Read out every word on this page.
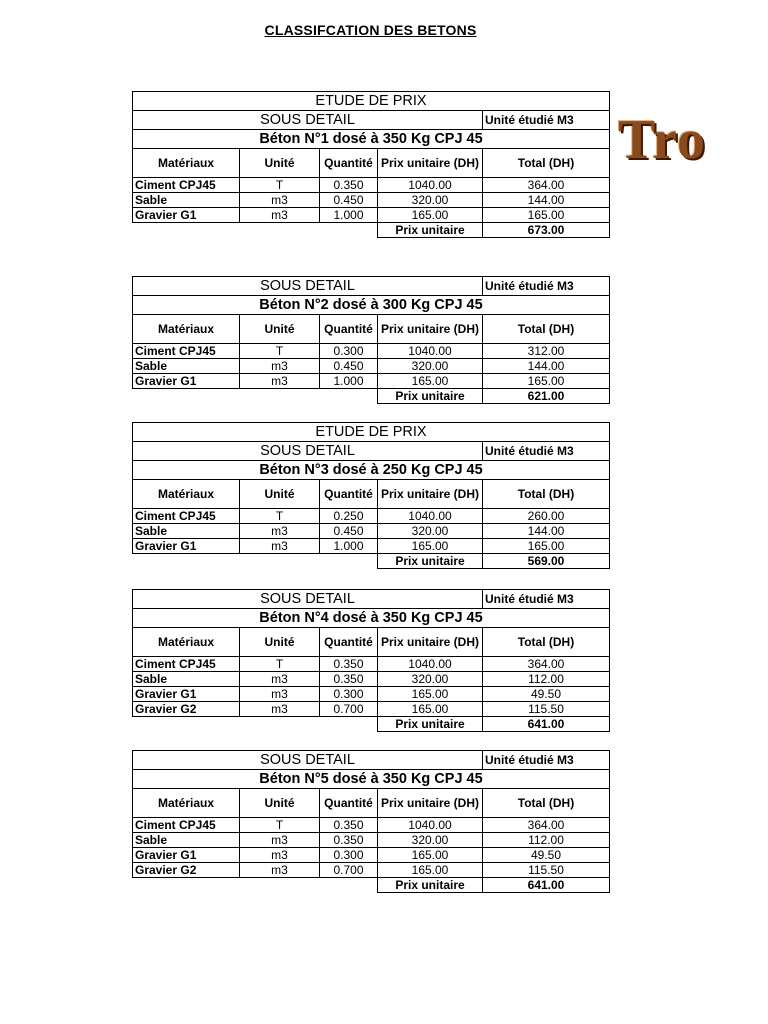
CLASSIFCATION DES BETONS
Tro
ETUDE DE PRIX				
SOUS DETAIL				Unité étudié M3
Béton N°1 dosé à 350 Kg CPJ 45				
Matériaux	Unité	Quantité	Prix unitaire (DH)	Total (DH)
Ciment CPJ45	T	0.350	1040.00	364.00
Sable	m3	0.450	320.00	144.00
Gravier G1	m3	1.000	165.00	165.00
			Prix unitaire	673.00
SOUS DETAIL				Unité étudié M3
Béton N°2 dosé à 300 Kg CPJ 45				
Matériaux	Unité	Quantité	Prix unitaire (DH)	Total (DH)
Ciment CPJ45	T	0.300	1040.00	312.00
Sable	m3	0.450	320.00	144.00
Gravier G1	m3	1.000	165.00	165.00
			Prix unitaire	621.00
ETUDE DE PRIX				
SOUS DETAIL				Unité étudié M3
Béton N°3 dosé à 250 Kg CPJ 45				
Matériaux	Unité	Quantité	Prix unitaire (DH)	Total (DH)
Ciment CPJ45	T	0.250	1040.00	260.00
Sable	m3	0.450	320.00	144.00
Gravier G1	m3	1.000	165.00	165.00
			Prix unitaire	569.00
SOUS DETAIL				Unité étudié M3
Béton N°4 dosé à 350 Kg CPJ 45				
Matériaux	Unité	Quantité	Prix unitaire (DH)	Total (DH)
Ciment CPJ45	T	0.350	1040.00	364.00
Sable	m3	0.350	320.00	112.00
Gravier G1	m3	0.300	165.00	49.50
Gravier G2	m3	0.700	165.00	115.50
			Prix unitaire	641.00
SOUS DETAIL				Unité étudié M3
Béton N°5 dosé à 350 Kg CPJ 45				
Matériaux	Unité	Quantité	Prix unitaire (DH)	Total (DH)
Ciment CPJ45	T	0.350	1040.00	364.00
Sable	m3	0.350	320.00	112.00
Gravier G1	m3	0.300	165.00	49.50
Gravier G2	m3	0.700	165.00	115.50
			Prix unitaire	641.00
